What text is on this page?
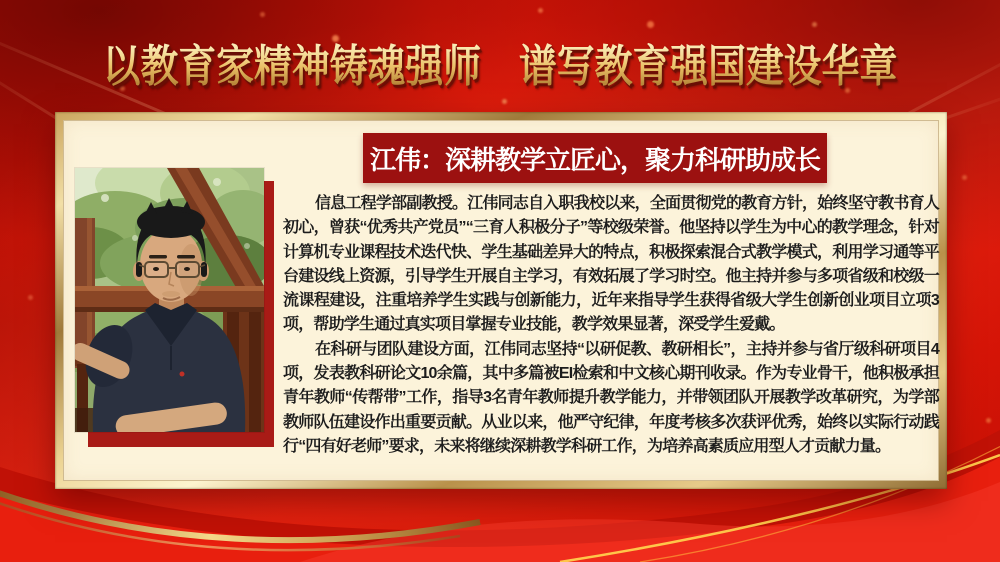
以教育家精神铸魂强师　谱写教育强国建设华章
江伟：深耕教学立匠心，聚力科研助成长

信息工程学部副教授。江伟同志自入职我校以来，全面贯彻党的教育方针，始终坚守教书育人初心，曾获“优秀共产党员”“三育人积极分子”等校级荣誉。他坚持以学生为中心的教学理念，针对计算机专业课程技术迭代快、学生基础差异大的特点，积极探索混合式教学模式，利用学习通等平台建设线上资源，引导学生开展自主学习，有效拓展了学习时空。他主持并参与多项省级和校级一流课程建设，注重培养学生实践与创新能力，近年来指导学生获得省级大学生创新创业项目立项3项，帮助学生通过真实项目掌握专业技能，教学效果显著，深受学生爱戴。

在科研与团队建设方面，江伟同志坚持“以研促教、教研相长”，主持并参与省厅级科研项目4项，发表教科研论文10余篇，其中多篇被EI检索和中文核心期刊收录。作为专业骨干，他积极承担青年教师“传帮带”工作，指导3名青年教师提升教学能力，并带领团队开展教学改革研究，为学部教师队伍建设作出重要贡献。从业以来，他严守纪律，年度考核多次获评优秀，始终以实际行动践行“四有好老师”要求，未来将继续深耕教学科研工作，为培养高素质应用型人才贡献力量。
